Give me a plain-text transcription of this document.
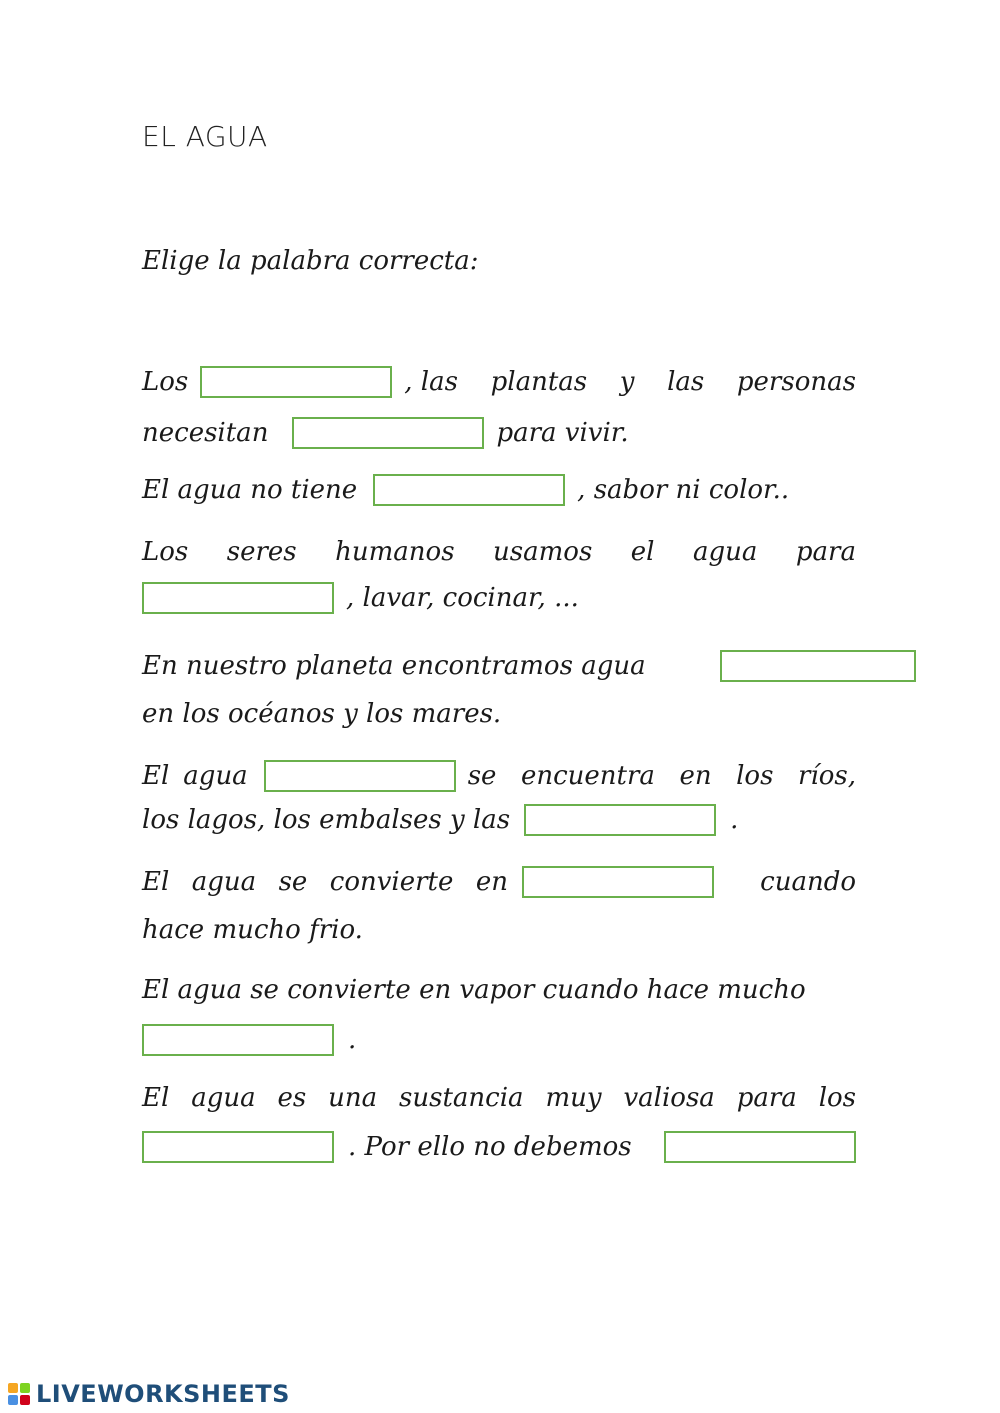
EL AGUA
Elige la palabra correcta:
Los	, las plantas y las personas
necesitan	para vivir.
El agua no tiene	, sabor ni color..
Los seres humanos usamos el agua para
, lavar, cocinar, ...
En nuestro planeta encontramos agua
en los océanos y los mares.
El agua	se encuentra en los ríos,
los lagos, los embalses y las	.
El agua se convierte en	cuando
hace mucho frio.
El agua se convierte en vapor cuando hace mucho
.
El agua es una sustancia muy valiosa para los
. Por ello no debemos
LIVEWORKSHEETS
